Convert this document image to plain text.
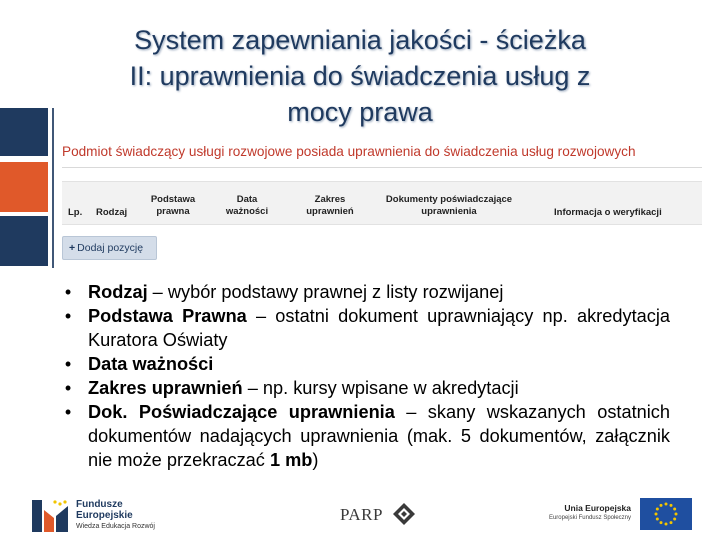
System zapewniania jakości - ścieżka
II: uprawnienia do świadczenia usług z
mocy prawa
Podmiot świadczący usługi rozwojowe posiada uprawnienia do świadczenia usług rozwojowych
Lp. Rodzaj
Podstawa
prawna
Data
ważności
Zakres
uprawnień
Dokumenty poświadczające
uprawnienia	Informacja o weryfikacji
+ Dodaj pozycję
• Rodzaj – wybór podstawy prawnej z listy rozwijanej
• Podstawa Prawna – ostatni dokument uprawniający np. akredytacja Kuratora Oświaty
• Data ważności
• Zakres uprawnień – np. kursy wpisane w akredytacji
• Dok. Poświadczające uprawnienia – skany wskazanych ostatnich dokumentów nadających uprawnienia (mak. 5 dokumentów, załącznik nie może przekraczać 1 mb)
Fundusze
Europejskie
Wiedza Edukacja Rozwój
PARP	Unia Europejska
Europejski Fundusz Społeczny
